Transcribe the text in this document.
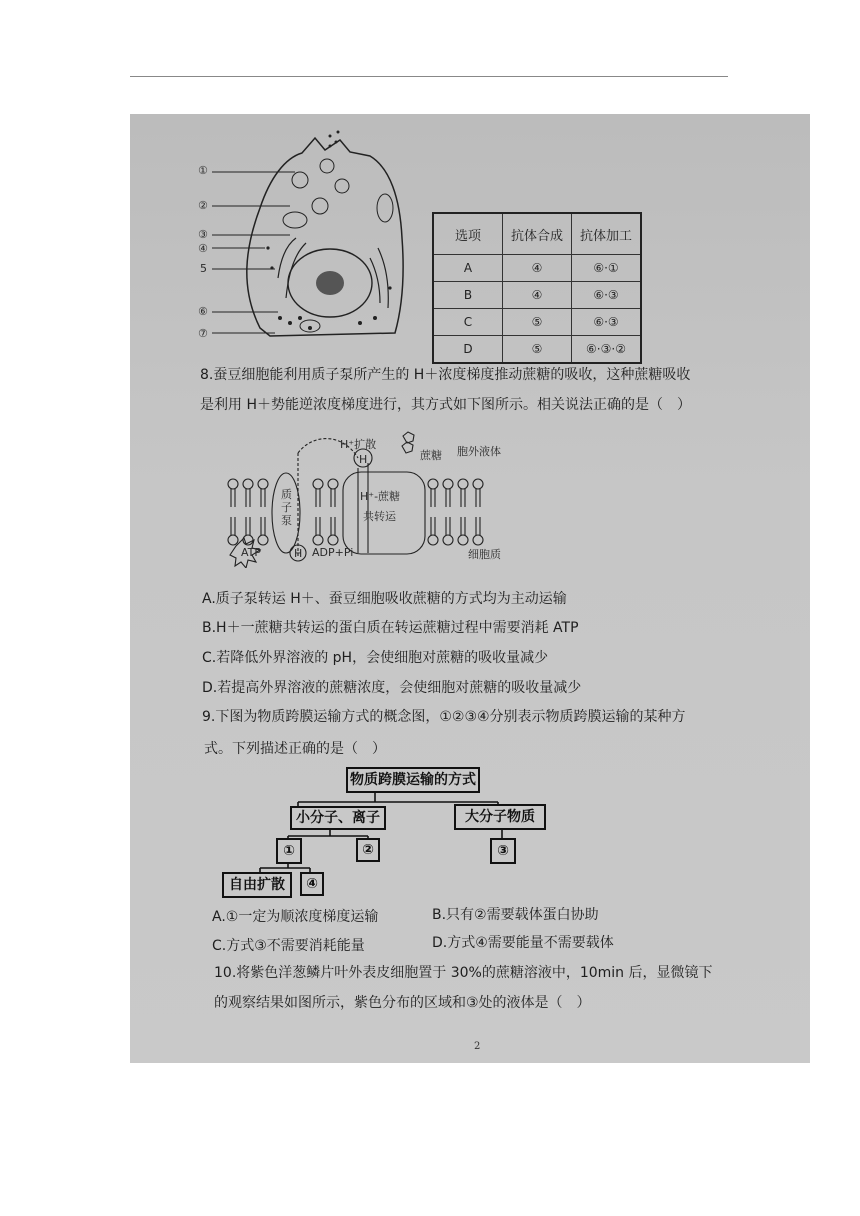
①
②
③
④
5
⑥
⑦
选项	抗体合成	抗体加工
A	④	⑥·①
B	④	⑥·③
C	⑤	⑥·③
D	⑤	⑥·③·②
8.蚕豆细胞能利用质子泵所产生的 H＋浓度梯度推动蔗糖的吸收，这种蔗糖吸收
是利用 H＋势能逆浓度梯度进行，其方式如下图所示。相关说法正确的是（　）
H⁺扩散
H	蔗糖 胞外液体
质子泵
H⁺-蔗糖
共转运
ATP	H ADP+Pi	细胞质
A.质子泵转运 H＋、蚕豆细胞吸收蔗糖的方式均为主动运输
B.H＋一蔗糖共转运的蛋白质在转运蔗糖过程中需要消耗 ATP
C.若降低外界溶液的 pH，会使细胞对蔗糖的吸收量减少
D.若提高外界溶液的蔗糖浓度，会使细胞对蔗糖的吸收量减少
9.下图为物质跨膜运输方式的概念图，①②③④分别表示物质跨膜运输的某种方
式。下列描述正确的是（　）
物质跨膜运输的方式
小分子、离子	大分子物质
①	②	③
自由扩散	④
A.①一定为顺浓度梯度运输	B.只有②需要载体蛋白协助
C.方式③不需要消耗能量	D.方式④需要能量不需要载体
10.将紫色洋葱鳞片叶外表皮细胞置于 30%的蔗糖溶液中，10min 后，显微镜下
的观察结果如图所示，紫色分布的区域和③处的液体是（　）
2
